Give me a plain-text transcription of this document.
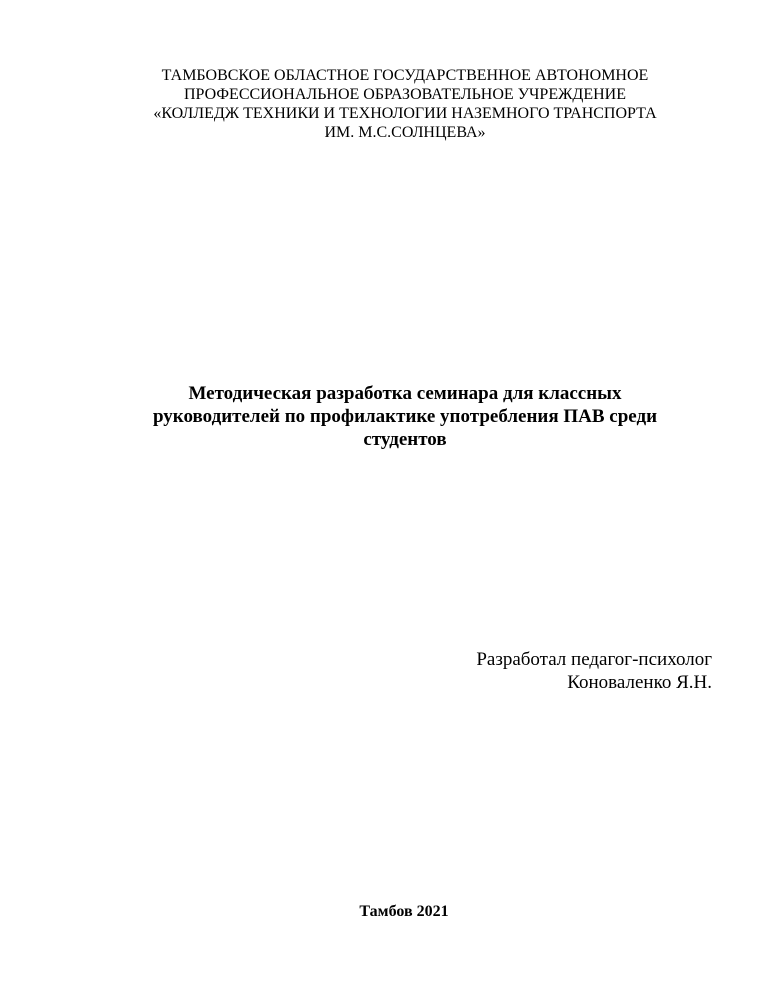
ТАМБОВСКОЕ ОБЛАСТНОЕ ГОСУДАРСТВЕННОЕ АВТОНОМНОЕ
ПРОФЕССИОНАЛЬНОЕ ОБРАЗОВАТЕЛЬНОЕ УЧРЕЖДЕНИЕ
«КОЛЛЕДЖ ТЕХНИКИ И ТЕХНОЛОГИИ НАЗЕМНОГО ТРАНСПОРТА
ИМ. М.С.СОЛНЦЕВА»
Методическая разработка семинара для классных
руководителей по профилактике употребления ПАВ среди
студентов
Разработал педагог-психолог
Коноваленко Я.Н.
Тамбов 2021
